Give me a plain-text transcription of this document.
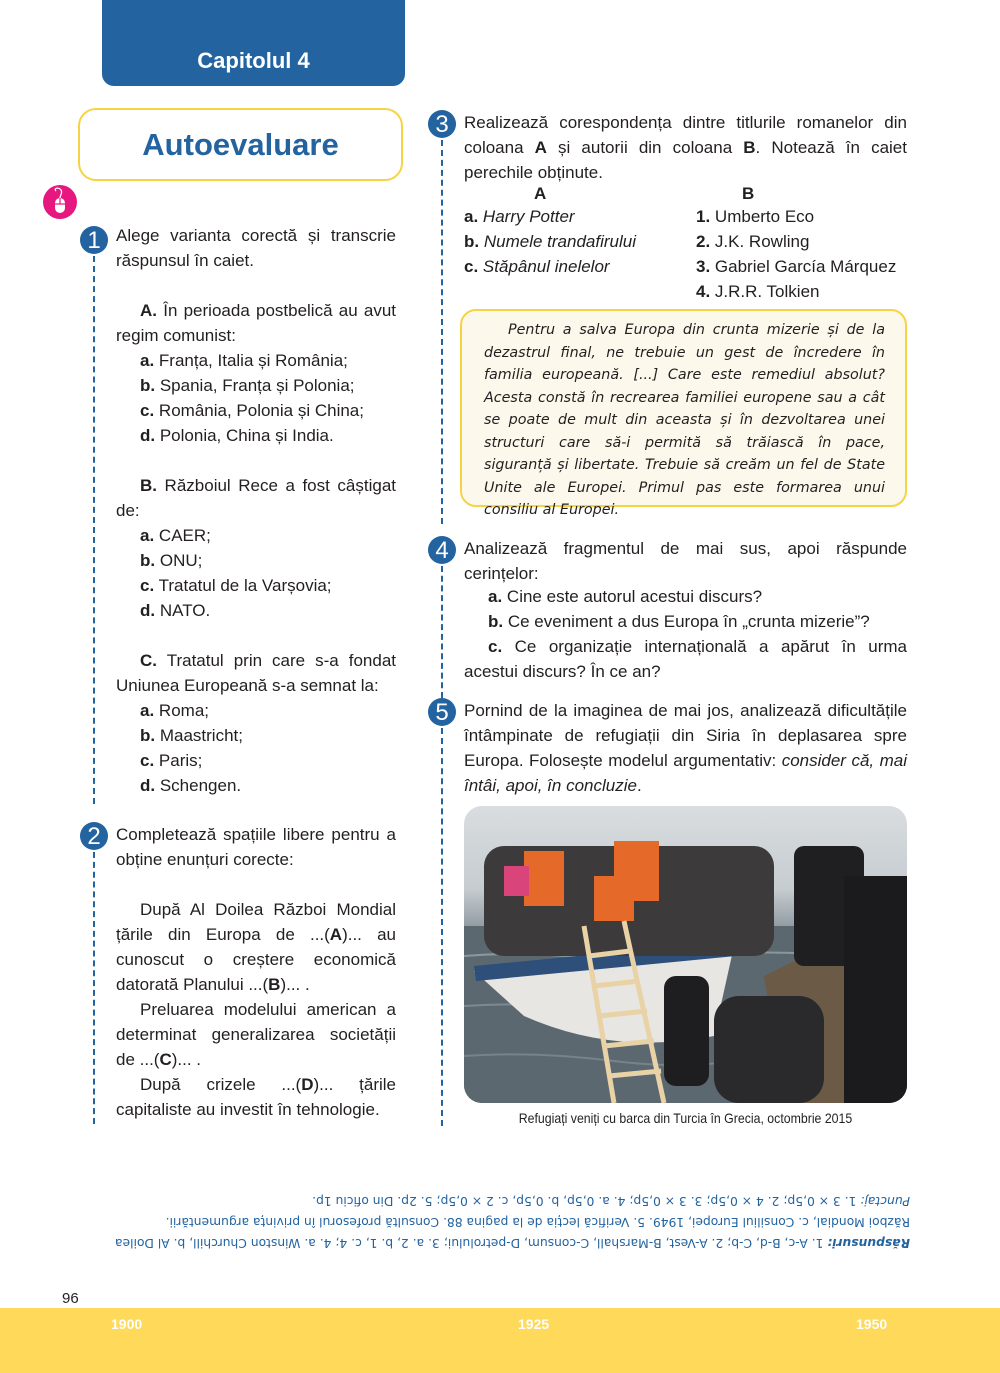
Capitolul 4
Autoevaluare
1 Alege varianta corectă și transcrie răspunsul în caiet.
A. În perioada postbelică au avut regim comunist:
a. Franța, Italia și România;
b. Spania, Franța și Polonia;
c. România, Polonia și China;
d. Polonia, China și India.
B. Războiul Rece a fost câștigat de:
a. CAER;
b. ONU;
c. Tratatul de la Varșovia;
d. NATO.
C. Tratatul prin care s-a fondat Uniunea Europeană s-a semnat la:
a. Roma;
b. Maastricht;
c. Paris;
d. Schengen.
2 Completează spațiile libere pentru a obține enunțuri corecte:
După Al Doilea Război Mondial țările din Europa de ...(A)... au cunoscut o creștere economică datorată Planului ...(B)... .
Preluarea modelului american a determinat generalizarea societății de ...(C)... .
După crizele ...(D)... țările capitaliste au investit în tehnologie.
3 Realizează corespondența dintre titlurile romanelor din coloana A și autorii din coloana B. Notează în caiet perechile obținute.
A	B
a. Harry Potter
b. Numele trandafirului
c. Stăpânul inelelor
1. Umberto Eco
2. J.K. Rowling
3. Gabriel García Márquez
4. J.R.R. Tolkien
Pentru a salva Europa din crunta mizerie și de la dezastrul final, ne trebuie un gest de încredere în familia europeană. [...] Care este remediul absolut? Acesta constă în recrearea familiei europene sau a cât se poate de mult din aceasta și în dezvoltarea unei structuri care să-i permită să trăiască în pace, siguranță și libertate. Trebuie să creăm un fel de State Unite ale Europei. Primul pas este formarea unui consiliu al Europei.
4 Analizează fragmentul de mai sus, apoi răspunde cerințelor:
a. Cine este autorul acestui discurs?
b. Ce eveniment a dus Europa în „crunta mizerie”?
c. Ce organizație internațională a apărut în urma acestui discurs? În ce an?
5 Pornind de la imaginea de mai jos, analizează dificultățile întâmpinate de refugiații din Siria în deplasarea spre Europa. Folosește modelul argumentativ: consider că, mai întâi, apoi, în concluzie.
Refugiați veniți cu barca din Turcia în Grecia, octombrie 2015

Răspunsuri: 1. A-c, B-d, C-b; 2. A-Vest, B-Marshall, C-consum, D-petrolului; 3. a. 2, b. 1, c. 4; 4. a. Winston Churchill, b. Al Doilea Război Mondial, c. Consiliul Europei, 1949. 5. Verifică lecția de la pagina 88. Consultă profesorul în privința argumentării.

Punctaj: 1. 3 × 0,5p; 2. 4 × 0,5p; 3. 3 × 0,5p; 4. a. 0,5p, b. 0,5p, c. 2 × 0,5p; 5. 2p. Din oficiu 1p.

96
1900	1925	1950
